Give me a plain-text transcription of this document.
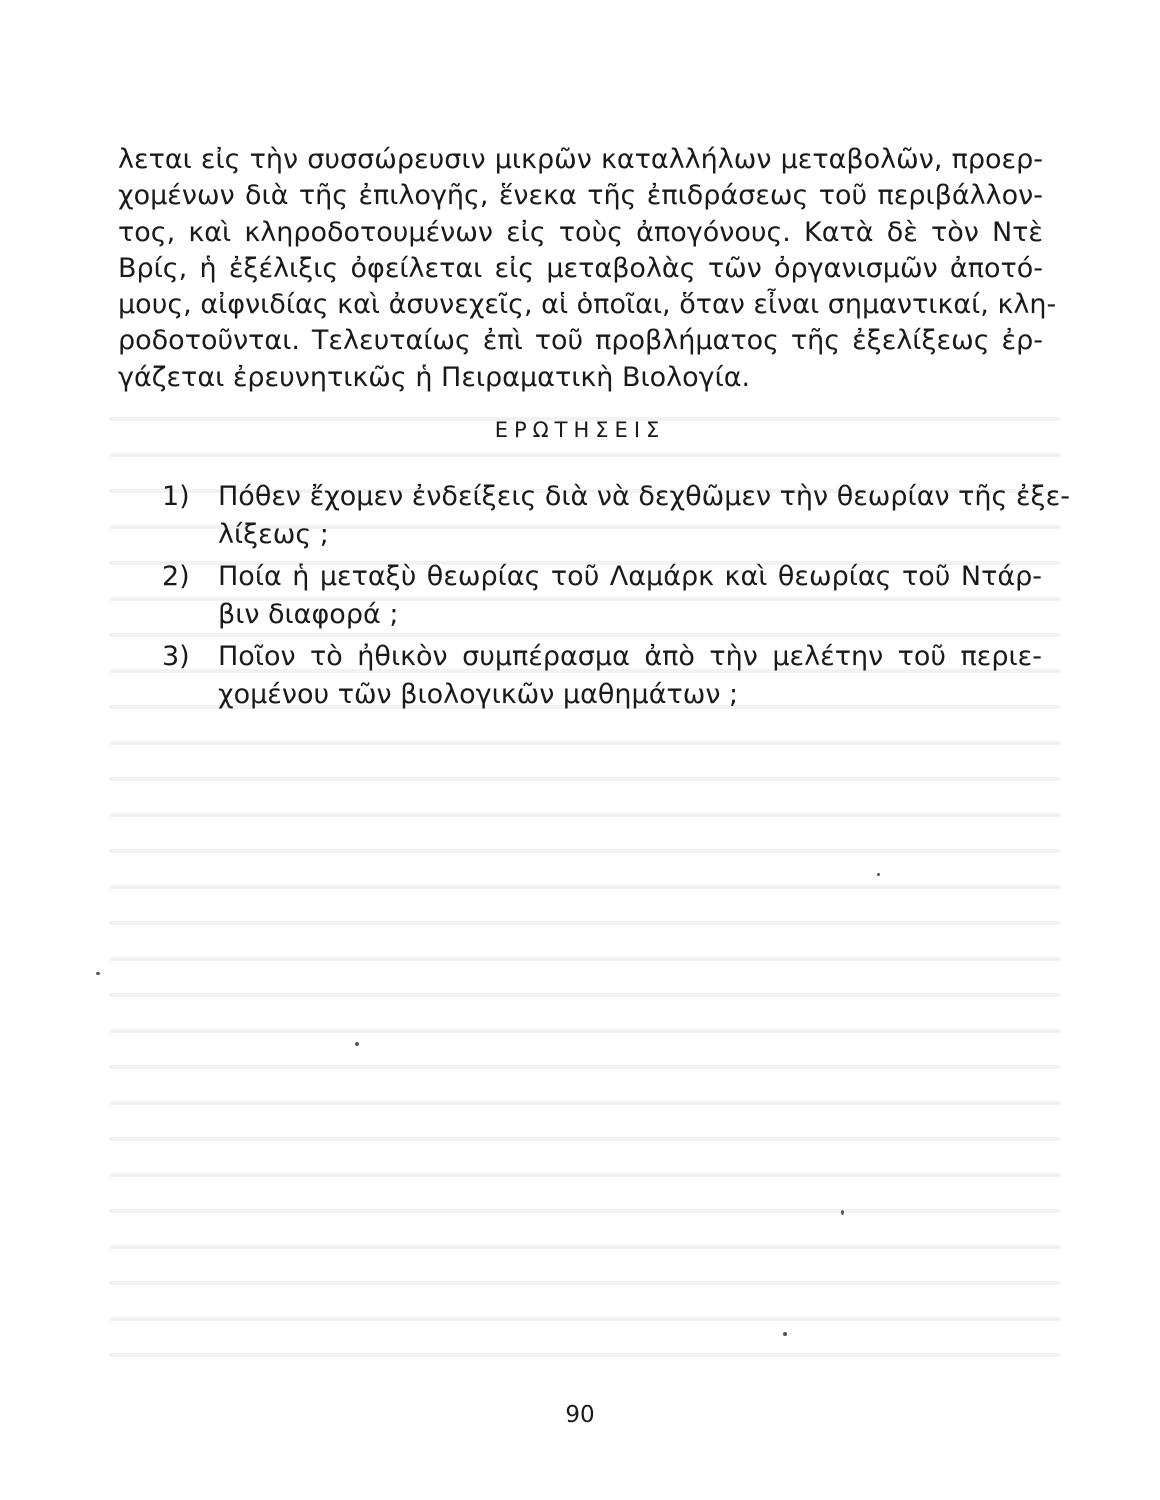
λεται εἰς τὴν συσσώρευσιν μικρῶν καταλλήλων μεταβολῶν, προερ-
χομένων διὰ τῆς ἐπιλογῆς, ἕνεκα τῆς ἐπιδράσεως τοῦ περιβάλλον-
τος, καὶ κληροδοτουμένων εἰς τοὺς ἀπογόνους. Κατὰ δὲ τὸν Ντὲ
Βρίς, ἡ ἐξέλιξις ὀφείλεται εἰς μεταβολὰς τῶν ὀργανισμῶν ἀποτό-
μους, αἰφνιδίας καὶ ἀσυνεχεῖς, αἱ ὁποῖαι, ὅταν εἶναι σημαντικαί, κλη-
ροδοτοῦνται. Τελευταίως ἐπὶ τοῦ προβλήματος τῆς ἐξελίξεως ἐρ-
γάζεται ἐρευνητικῶς ἡ Πειραματικὴ Βιολογία.
ΕΡΩΤΗΣΕΙΣ
1)	Πόθεν ἔχομεν ἐνδείξεις διὰ νὰ δεχθῶμεν τὴν θεωρίαν τῆς ἐξε-
λίξεως ;
2)	Ποία ἡ μεταξὺ θεωρίας τοῦ Λαμάρκ καὶ θεωρίας τοῦ Ντάρ-
βιν διαφορά ;
3)	Ποῖον τὸ ἠθικὸν συμπέρασμα ἀπὸ τὴν μελέτην τοῦ περιε-
χομένου τῶν βιολογικῶν μαθημάτων ;
90
